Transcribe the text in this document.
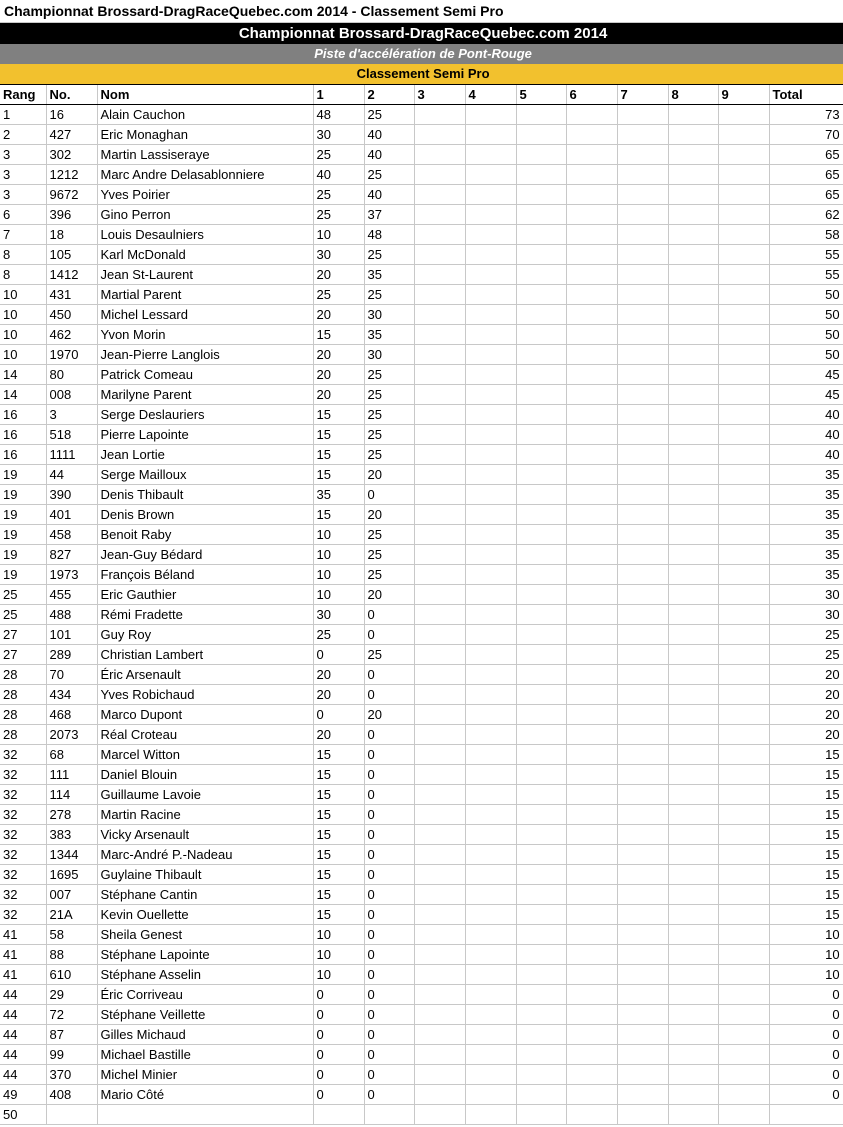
Championnat Brossard-DragRaceQuebec.com 2014 - Classement Semi Pro
Championnat Brossard-DragRaceQuebec.com 2014												
Piste d'accélération de Pont-Rouge												
Classement Semi Pro												
Rang	No.	Nom	1	2	3	4	5	6	7	8	9	Total
1	16	Alain Cauchon	48	25								73
2	427	Eric Monaghan	30	40								70
3	302	Martin Lassiseraye	25	40								65
3	1212	Marc Andre Delasablonniere	40	25								65
3	9672	Yves Poirier	25	40								65
6	396	Gino Perron	25	37								62
7	18	Louis Desaulniers	10	48								58
8	105	Karl McDonald	30	25								55
8	1412	Jean St-Laurent	20	35								55
10	431	Martial Parent	25	25								50
10	450	Michel Lessard	20	30								50
10	462	Yvon Morin	15	35								50
10	1970	Jean-Pierre Langlois	20	30								50
14	80	Patrick Comeau	20	25								45
14	008	Marilyne Parent	20	25								45
16	3	Serge Deslauriers	15	25								40
16	518	Pierre Lapointe	15	25								40
16	1111	Jean Lortie	15	25								40
19	44	Serge Mailloux	15	20								35
19	390	Denis Thibault	35	0								35
19	401	Denis Brown	15	20								35
19	458	Benoit Raby	10	25								35
19	827	Jean-Guy Bédard	10	25								35
19	1973	François Béland	10	25								35
25	455	Eric Gauthier	10	20								30
25	488	Rémi Fradette	30	0								30
27	101	Guy Roy	25	0								25
27	289	Christian Lambert	0	25								25
28	70	Éric Arsenault	20	0								20
28	434	Yves Robichaud	20	0								20
28	468	Marco Dupont	0	20								20
28	2073	Réal Croteau	20	0								20
32	68	Marcel Witton	15	0								15
32	111	Daniel Blouin	15	0								15
32	114	Guillaume Lavoie	15	0								15
32	278	Martin Racine	15	0								15
32	383	Vicky Arsenault	15	0								15
32	1344	Marc-André P.-Nadeau	15	0								15
32	1695	Guylaine Thibault	15	0								15
32	007	Stéphane Cantin	15	0								15
32	21A	Kevin Ouellette	15	0								15
41	58	Sheila Genest	10	0								10
41	88	Stéphane Lapointe	10	0								10
41	610	Stéphane Asselin	10	0								10
44	29	Éric Corriveau	0	0								0
44	72	Stéphane Veillette	0	0								0
44	87	Gilles Michaud	0	0								0
44	99	Michael Bastille	0	0								0
44	370	Michel Minier	0	0								0
49	408	Mario Côté	0	0								0
50												
